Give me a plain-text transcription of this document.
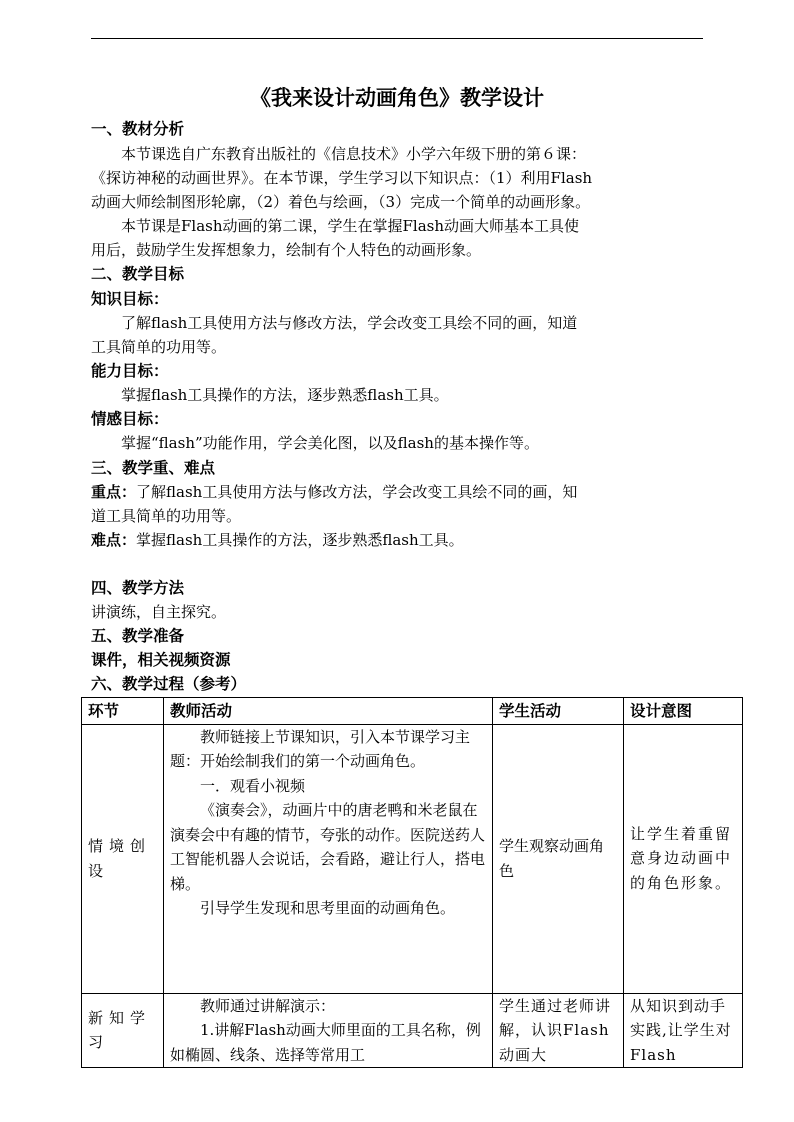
《我来设计动画角色》教学设计
一、教材分析
本节课选自广东教育出版社的《信息技术》小学六年级下册的第６课：
《探访神秘的动画世界》。在本节课，学生学习以下知识点：（1）利用Flash
动画大师绘制图形轮廓，（2）着色与绘画，（3）完成一个简单的动画形象。
本节课是Flash动画的第二课，学生在掌握Flash动画大师基本工具使
用后，鼓励学生发挥想象力，绘制有个人特色的动画形象。
二、教学目标
知识目标：
了解flash工具使用方法与修改方法，学会改变工具绘不同的画，知道
工具简单的功用等。
能力目标：
掌握flash工具操作的方法，逐步熟悉flash工具。
情感目标：
掌握“flash”功能作用，学会美化图，以及flash的基本操作等。
三、教学重、难点
重点：了解flash工具使用方法与修改方法，学会改变工具绘不同的画，知
道工具简单的功用等。
难点：掌握flash工具操作的方法，逐步熟悉flash工具。
四、教学方法
讲演练，自主探究。
五、教学准备
课件，相关视频资源
六、教学过程（参考）
环节	教师活动	学生活动	设计意图
情境创设	教师链接上节课知识，引入本节课学习主题：开始绘制我们的第一个动画角色。
一．观看小视频
《演奏会》，动画片中的唐老鸭和米老鼠在演奏会中有趣的情节，夸张的动作。医院送药人工智能机器人会说话，会看路，避让行人，搭电梯。
引导学生发现和思考里面的动画角色。	学生观察动画角色	让学生着重留意身边动画中的角色形象。
新知学习	教师通过讲解演示：
1.讲解Flash动画大师里面的工具名称，例如椭圆、线条、选择等常用工	学生通过老师讲解，认识Flash动画大	从知识到动手实践,让学生对Flash
